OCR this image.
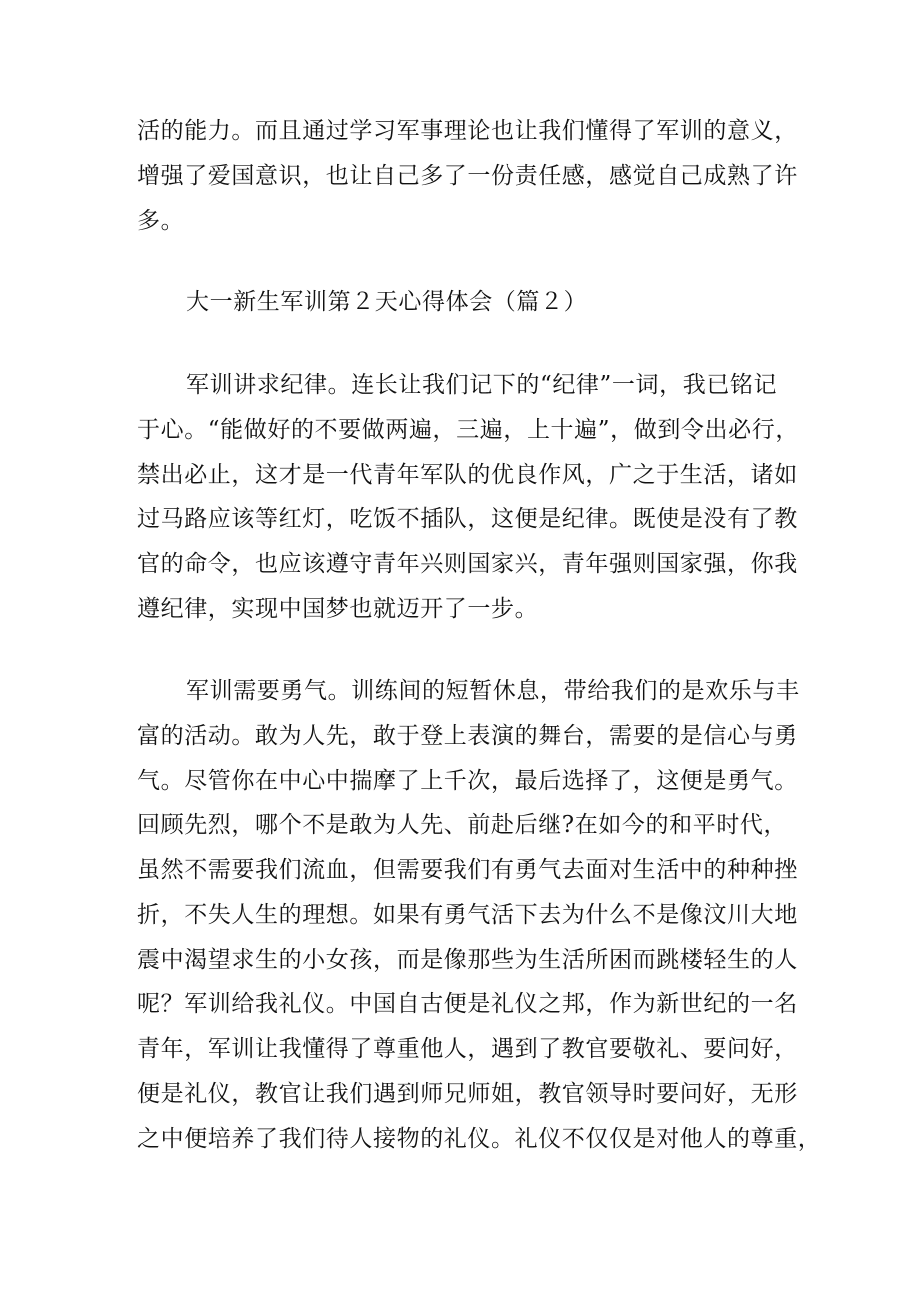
活的能力。而且通过学习军事理论也让我们懂得了军训的意义，
增强了爱国意识，也让自己多了一份责任感，感觉自己成熟了许
多。
大一新生军训第２天心得体会（篇２）
军训讲求纪律。连长让我们记下的“纪律”一词，我已铭记
于心。“能做好的不要做两遍，三遍，上十遍”，做到令出必行，
禁出必止，这才是一代青年军队的优良作风，广之于生活，诸如
过马路应该等红灯，吃饭不插队，这便是纪律。既使是没有了教
官的命令，也应该遵守青年兴则国家兴，青年强则国家强，你我
遵纪律，实现中国梦也就迈开了一步。
军训需要勇气。训练间的短暂休息，带给我们的是欢乐与丰
富的活动。敢为人先，敢于登上表演的舞台，需要的是信心与勇
气。尽管你在中心中揣摩了上千次，最后选择了，这便是勇气。
回顾先烈，哪个不是敢为人先、前赴后继?在如今的和平时代，
虽然不需要我们流血，但需要我们有勇气去面对生活中的种种挫
折，不失人生的理想。如果有勇气活下去为什么不是像汶川大地
震中渴望求生的小女孩，而是像那些为生活所困而跳楼轻生的人
呢？军训给我礼仪。中国自古便是礼仪之邦，作为新世纪的一名
青年，军训让我懂得了尊重他人，遇到了教官要敬礼、要问好，
便是礼仪，教官让我们遇到师兄师姐，教官领导时要问好，无形
之中便培养了我们待人接物的礼仪。礼仪不仅仅是对他人的尊重，
